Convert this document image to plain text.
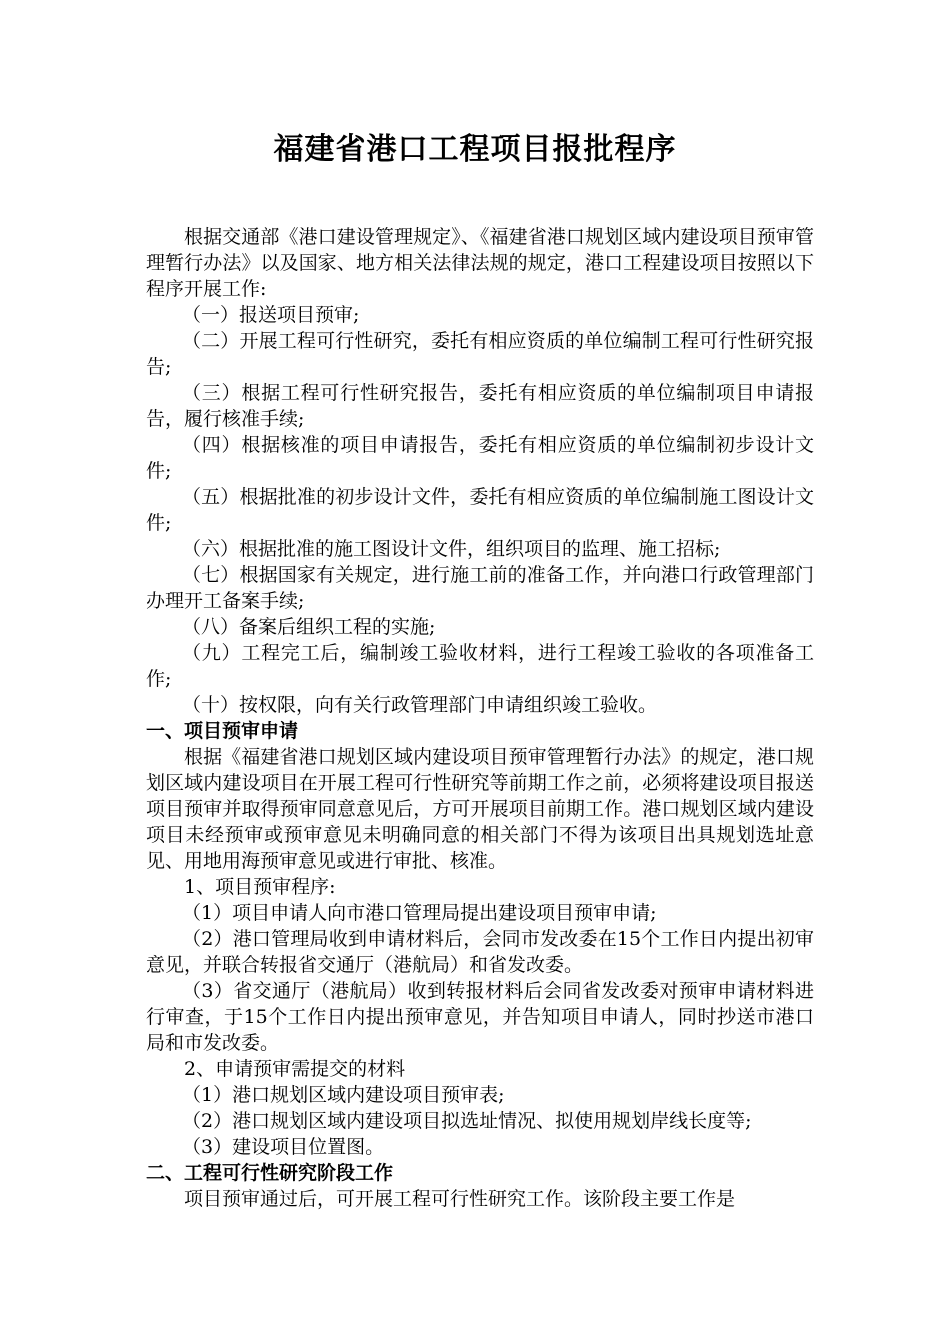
福建省港口工程项目报批程序

根据交通部《港口建设管理规定》、《福建省港口规划区域内建设项目预审管理暂行办法》以及国家、地方相关法律法规的规定，港口工程建设项目按照以下程序开展工作:

（一）报送项目预审;

（二）开展工程可行性研究，委托有相应资质的单位编制工程可行性研究报告;

（三）根据工程可行性研究报告，委托有相应资质的单位编制项目申请报告，履行核准手续;

（四）根据核准的项目申请报告，委托有相应资质的单位编制初步设计文件;

（五）根据批准的初步设计文件，委托有相应资质的单位编制施工图设计文件;

（六）根据批准的施工图设计文件，组织项目的监理、施工招标;

（七）根据国家有关规定，进行施工前的准备工作，并向港口行政管理部门办理开工备案手续;

（八）备案后组织工程的实施;

（九）工程完工后，编制竣工验收材料，进行工程竣工验收的各项准备工作;

（十）按权限，向有关行政管理部门申请组织竣工验收。

一、项目预审申请

根据《福建省港口规划区域内建设项目预审管理暂行办法》的规定，港口规划区域内建设项目在开展工程可行性研究等前期工作之前，必须将建设项目报送项目预审并取得预审同意意见后，方可开展项目前期工作。港口规划区域内建设项目未经预审或预审意见未明确同意的相关部门不得为该项目出具规划选址意见、用地用海预审意见或进行审批、核准。

1、项目预审程序:

（1）项目申请人向市港口管理局提出建设项目预审申请;

（2）港口管理局收到申请材料后，会同市发改委在15个工作日内提出初审意见，并联合转报省交通厅（港航局）和省发改委。

（3）省交通厅（港航局）收到转报材料后会同省发改委对预审申请材料进行审查，于15个工作日内提出预审意见，并告知项目申请人，同时抄送市港口局和市发改委。

2、申请预审需提交的材料

（1）港口规划区域内建设项目预审表;

（2）港口规划区域内建设项目拟选址情况、拟使用规划岸线长度等;

（3）建设项目位置图。

二、工程可行性研究阶段工作

项目预审通过后，可开展工程可行性研究工作。该阶段主要工作是
